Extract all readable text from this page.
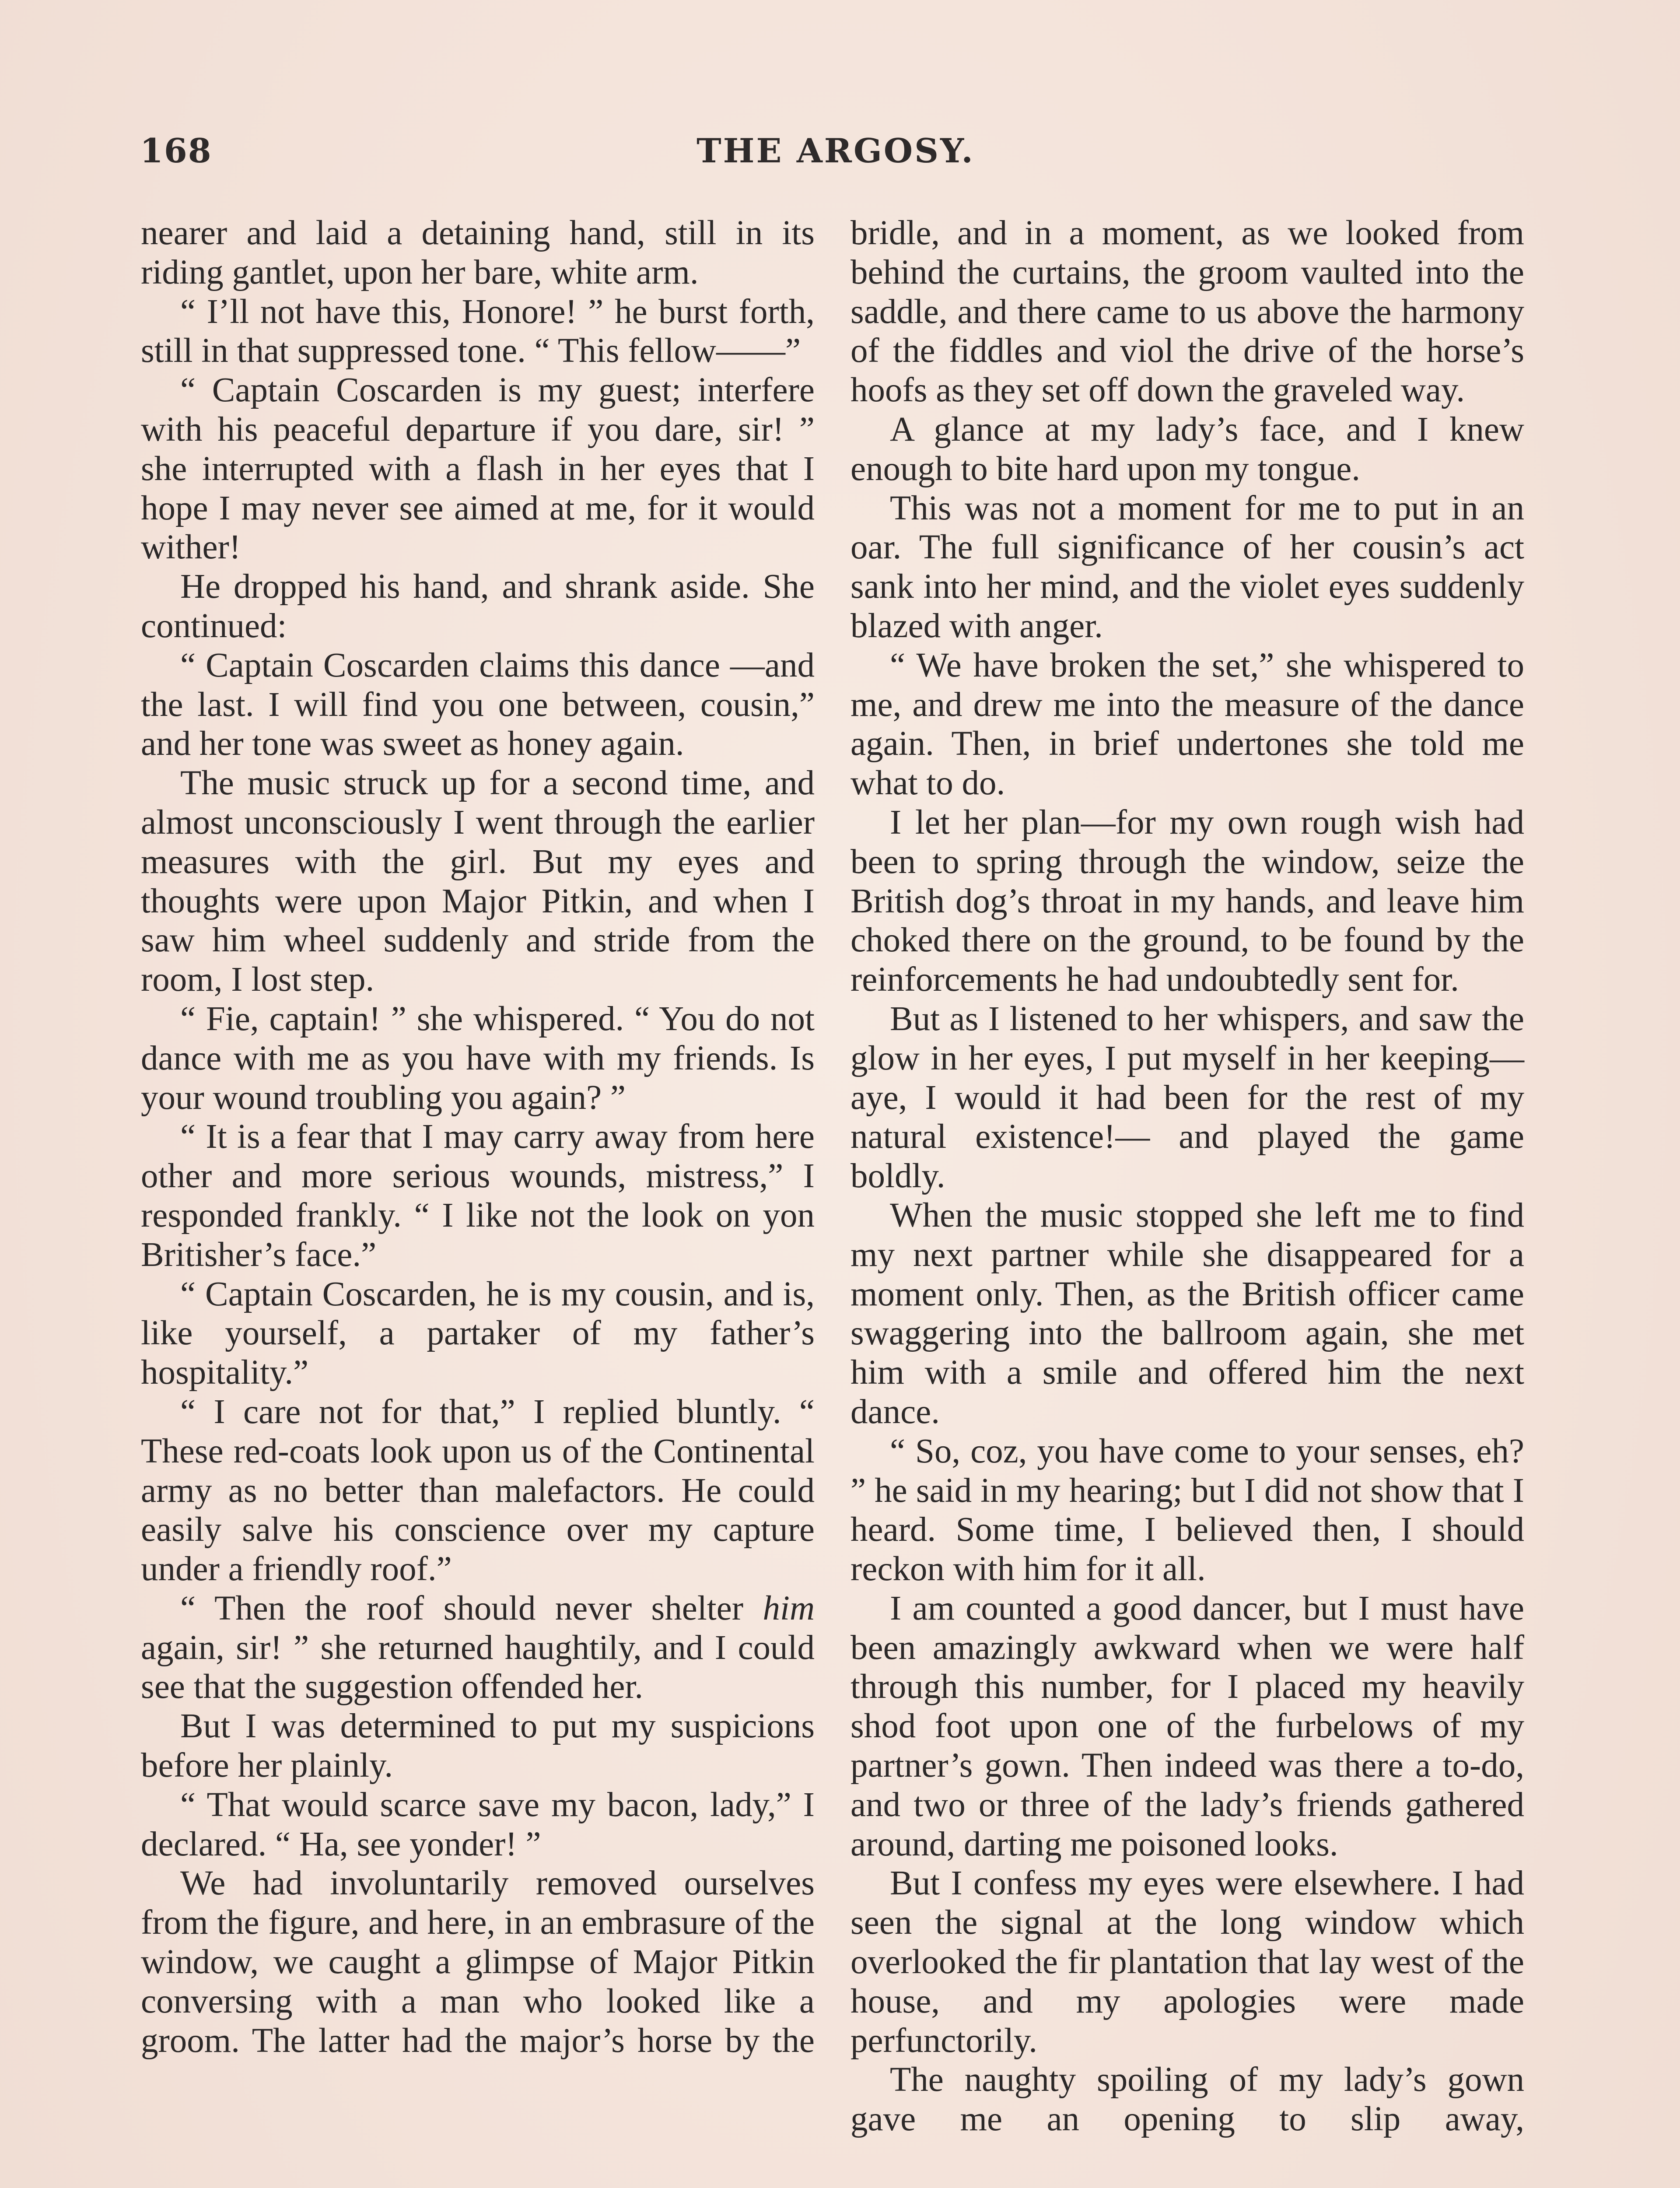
168	THE ARGOSY.

nearer and laid a detaining hand, still in its riding gantlet, upon her bare, white arm.

“ I’ll not have this, Honore! ” he burst forth, still in that suppressed tone. “ This fellow——”

“ Captain Coscarden is my guest; interfere with his peaceful departure if you dare, sir! ” she interrupted with a flash in her eyes that I hope I may never see aimed at me, for it would wither!

He dropped his hand, and shrank aside. She continued:

“ Captain Coscarden claims this dance —and the last. I will find you one between, cousin,” and her tone was sweet as honey again.

The music struck up for a second time, and almost unconsciously I went through the earlier measures with the girl. But my eyes and thoughts were upon Major Pitkin, and when I saw him wheel suddenly and stride from the room, I lost step.

“ Fie, captain! ” she whispered. “ You do not dance with me as you have with my friends. Is your wound troubling you again? ”

“ It is a fear that I may carry away from here other and more serious wounds, mistress,” I responded frankly. “ I like not the look on yon Britisher’s face.”

“ Captain Coscarden, he is my cousin, and is, like yourself, a partaker of my father’s hospitality.”

“ I care not for that,” I replied bluntly. “ These red-coats look upon us of the Continental army as no better than malefactors. He could easily salve his conscience over my capture under a friendly roof.”

“ Then the roof should never shelter him again, sir! ” she returned haughtily, and I could see that the suggestion offended her.

But I was determined to put my suspicions before her plainly.

“ That would scarce save my bacon, lady,” I declared. “ Ha, see yonder! ”

We had involuntarily removed ourselves from the figure, and here, in an embrasure of the window, we caught a glimpse of Major Pitkin conversing with a man who looked like a groom. The latter had the major’s horse by the

bridle, and in a moment, as we looked from behind the curtains, the groom vaulted into the saddle, and there came to us above the harmony of the fiddles and viol the drive of the horse’s hoofs as they set off down the graveled way.

A glance at my lady’s face, and I knew enough to bite hard upon my tongue.

This was not a moment for me to put in an oar. The full significance of her cousin’s act sank into her mind, and the violet eyes suddenly blazed with anger.

“ We have broken the set,” she whispered to me, and drew me into the measure of the dance again. Then, in brief undertones she told me what to do.

I let her plan—for my own rough wish had been to spring through the window, seize the British dog’s throat in my hands, and leave him choked there on the ground, to be found by the reinforcements he had undoubtedly sent for.

But as I listened to her whispers, and saw the glow in her eyes, I put myself in her keeping—aye, I would it had been for the rest of my natural existence!— and played the game boldly.

When the music stopped she left me to find my next partner while she disappeared for a moment only. Then, as the British officer came swaggering into the ballroom again, she met him with a smile and offered him the next dance.

“ So, coz, you have come to your senses, eh? ” he said in my hearing; but I did not show that I heard. Some time, I believed then, I should reckon with him for it all.

I am counted a good dancer, but I must have been amazingly awkward when we were half through this number, for I placed my heavily shod foot upon one of the furbelows of my partner’s gown. Then indeed was there a to-do, and two or three of the lady’s friends gathered around, darting me poisoned looks.

But I confess my eyes were elsewhere. I had seen the signal at the long window which overlooked the fir plantation that lay west of the house, and my apologies were made perfunctorily.

The naughty spoiling of my lady’s gown gave me an opening to slip away,
